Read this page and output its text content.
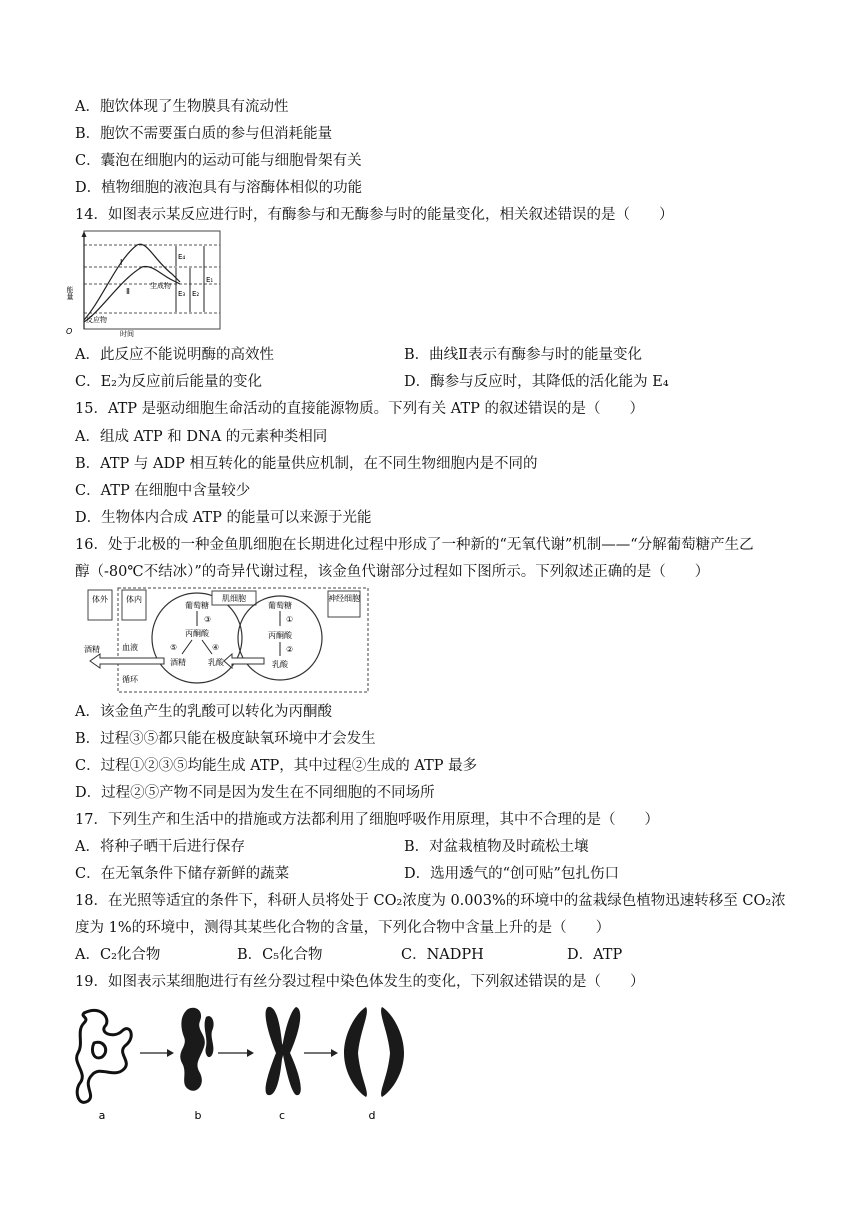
A．胞饮体现了生物膜具有流动性
B．胞饮不需要蛋白质的参与但消耗能量
C．囊泡在细胞内的运动可能与细胞骨架有关
D．植物细胞的液泡具有与溶酶体相似的功能
14．如图表示某反应进行时，有酶参与和无酶参与时的能量变化，相关叙述错误的是（　　）
E₄
E₃ E₂
E₁
Ⅰ
Ⅱ
生成物
反应物
O	时间
能量
A．此反应不能说明酶的高效性	B．曲线Ⅱ表示有酶参与时的能量变化
C．E₂为反应前后能量的变化	D．酶参与反应时，其降低的活化能为 E₄
15．ATP 是驱动细胞生命活动的直接能源物质。下列有关 ATP 的叙述错误的是（　　）
A．组成 ATP 和 DNA 的元素种类相同
B．ATP 与 ADP 相互转化的能量供应机制，在不同生物细胞内是不同的
C．ATP 在细胞中含量较少
D．生物体内合成 ATP 的能量可以来源于光能
16．处于北极的一种金鱼肌细胞在长期进化过程中形成了一种新的“无氧代谢”机制——“分解葡萄糖产生乙
醇（-80℃不结冰）”的奇异代谢过程，该金鱼代谢部分过程如下图所示。下列叙述正确的是（　　）
体外 体内	肌细胞
葡萄糖
③
丙酮酸
⑤	④
酒精	乳酸
神经细胞
葡萄糖
①
丙酮酸
②
乳酸
血液
循环
酒精
A．该金鱼产生的乳酸可以转化为丙酮酸
B．过程③⑤都只能在极度缺氧环境中才会发生
C．过程①②③⑤均能生成 ATP，其中过程②生成的 ATP 最多
D．过程②⑤产物不同是因为发生在不同细胞的不同场所
17．下列生产和生活中的措施或方法都利用了细胞呼吸作用原理，其中不合理的是（　　）
A．将种子晒干后进行保存	B．对盆栽植物及时疏松土壤
C．在无氧条件下储存新鲜的蔬菜	D．选用透气的“创可贴”包扎伤口
18．在光照等适宜的条件下，科研人员将处于 CO₂浓度为 0.003%的环境中的盆栽绿色植物迅速转移至 CO₂浓
度为 1%的环境中，测得其某些化合物的含量，下列化合物中含量上升的是（　　）
A．C₂化合物	B．C₅化合物	C．NADPH	D．ATP
19．如图表示某细胞进行有丝分裂过程中染色体发生的变化，下列叙述错误的是（　　）
a	b	c	d
